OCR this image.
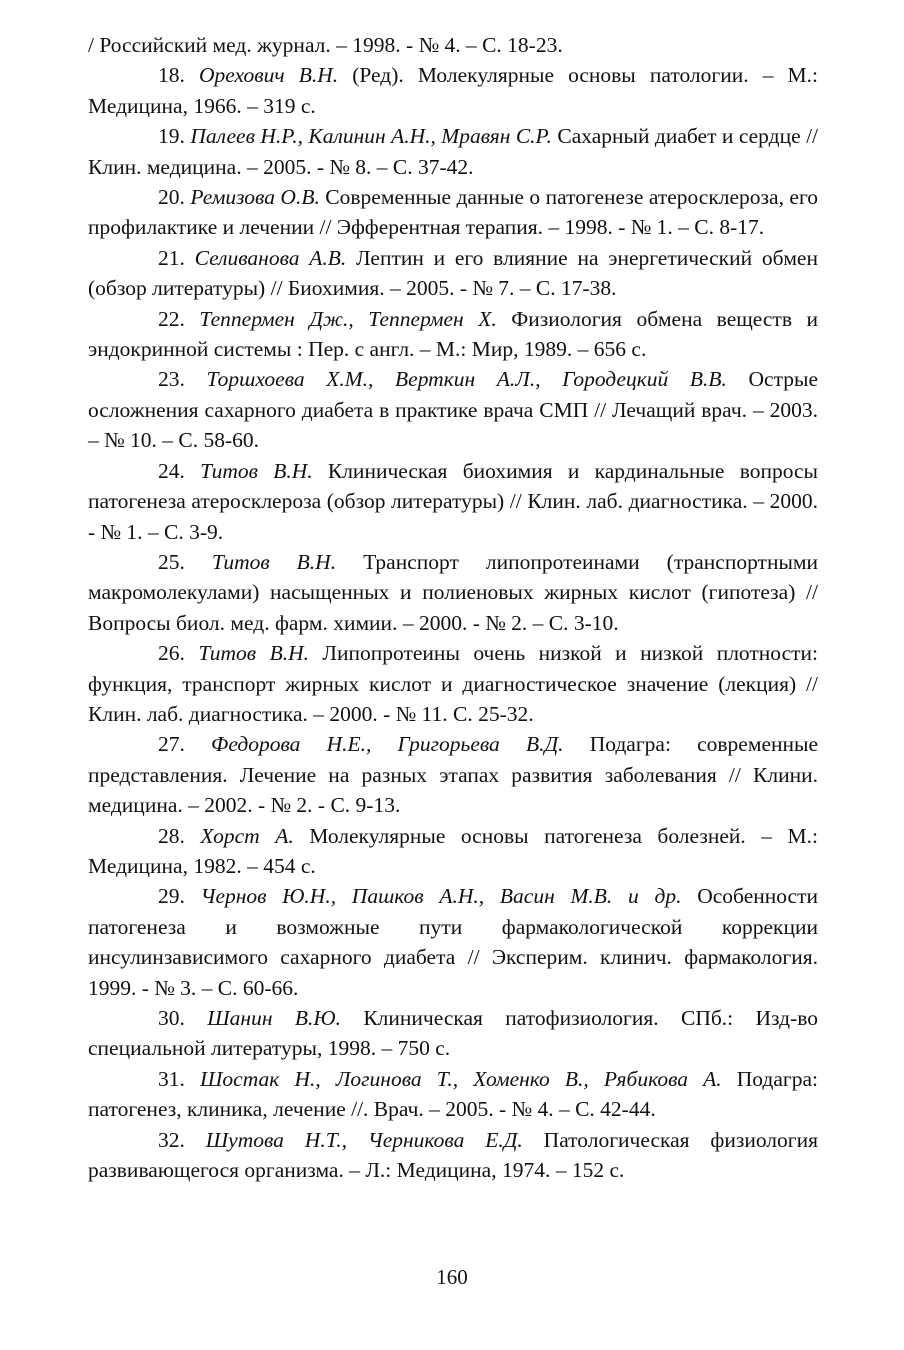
/ Российский мед. журнал. – 1998. - № 4. – С. 18-23.

18. Орехович В.Н. (Ред). Молекулярные основы патологии. – М.: Медицина, 1966. – 319 с.

19. Палеев Н.Р., Калинин А.Н., Мравян С.Р. Сахарный диабет и сердце // Клин. медицина. – 2005. - № 8. – С. 37-42.

20. Ремизова О.В. Современные данные о патогенезе атеросклероза, его профилактике и лечении // Эфферентная терапия. – 1998. - № 1. – С. 8-17.

21. Селиванова А.В. Лептин и его влияние на энергетический обмен (обзор литературы) // Биохимия. – 2005. - № 7. – С. 17-38.

22. Теппермен Дж., Теппермен Х. Физиология обмена веществ и эндокринной системы : Пер. с англ. – М.: Мир, 1989. – 656 с.

23. Торшхоева Х.М., Верткин А.Л., Городецкий В.В. Острые осложнения сахарного диабета в практике врача СМП // Лечащий врач. – 2003. – № 10. – С. 58-60.

24. Титов В.Н. Клиническая биохимия и кардинальные вопросы патогенеза атеросклероза (обзор литературы) // Клин. лаб. диагностика. – 2000. - № 1. – С. 3-9.

25. Титов В.Н. Транспорт липопротеинами (транспортными макромолекулами) насыщенных и полиеновых жирных кислот (гипотеза) // Вопросы биол. мед. фарм. химии. – 2000. - № 2. – С. 3-10.

26. Титов В.Н. Липопротеины очень низкой и низкой плотности: функция, транспорт жирных кислот и диагностическое значение (лекция) // Клин. лаб. диагностика. – 2000. - № 11. С. 25-32.

27. Федорова Н.Е., Григорьева В.Д. Подагра: современные представления. Лечение на разных этапах развития заболевания // Клини. медицина. – 2002. - № 2. - С. 9-13.

28. Хорст А. Молекулярные основы патогенеза болезней. – М.: Медицина, 1982. – 454 с.

29. Чернов Ю.Н., Пашков А.Н., Васин М.В. и др. Особенности патогенеза и возможные пути фармакологической коррекции инсулинзависимого сахарного диабета // Эксперим. клинич. фармакология. 1999. - № 3. – С. 60-66.

30. Шанин В.Ю. Клиническая патофизиология. СПб.: Изд-во специальной литературы, 1998. – 750 с.

31. Шостак Н., Логинова Т., Хоменко В., Рябикова А. Подагра: патогенез, клиника, лечение //. Врач. – 2005. - № 4. – С. 42-44.

32. Шутова Н.Т., Черникова Е.Д. Патологическая физиология развивающегося организма. – Л.: Медицина, 1974. – 152 с.

160
